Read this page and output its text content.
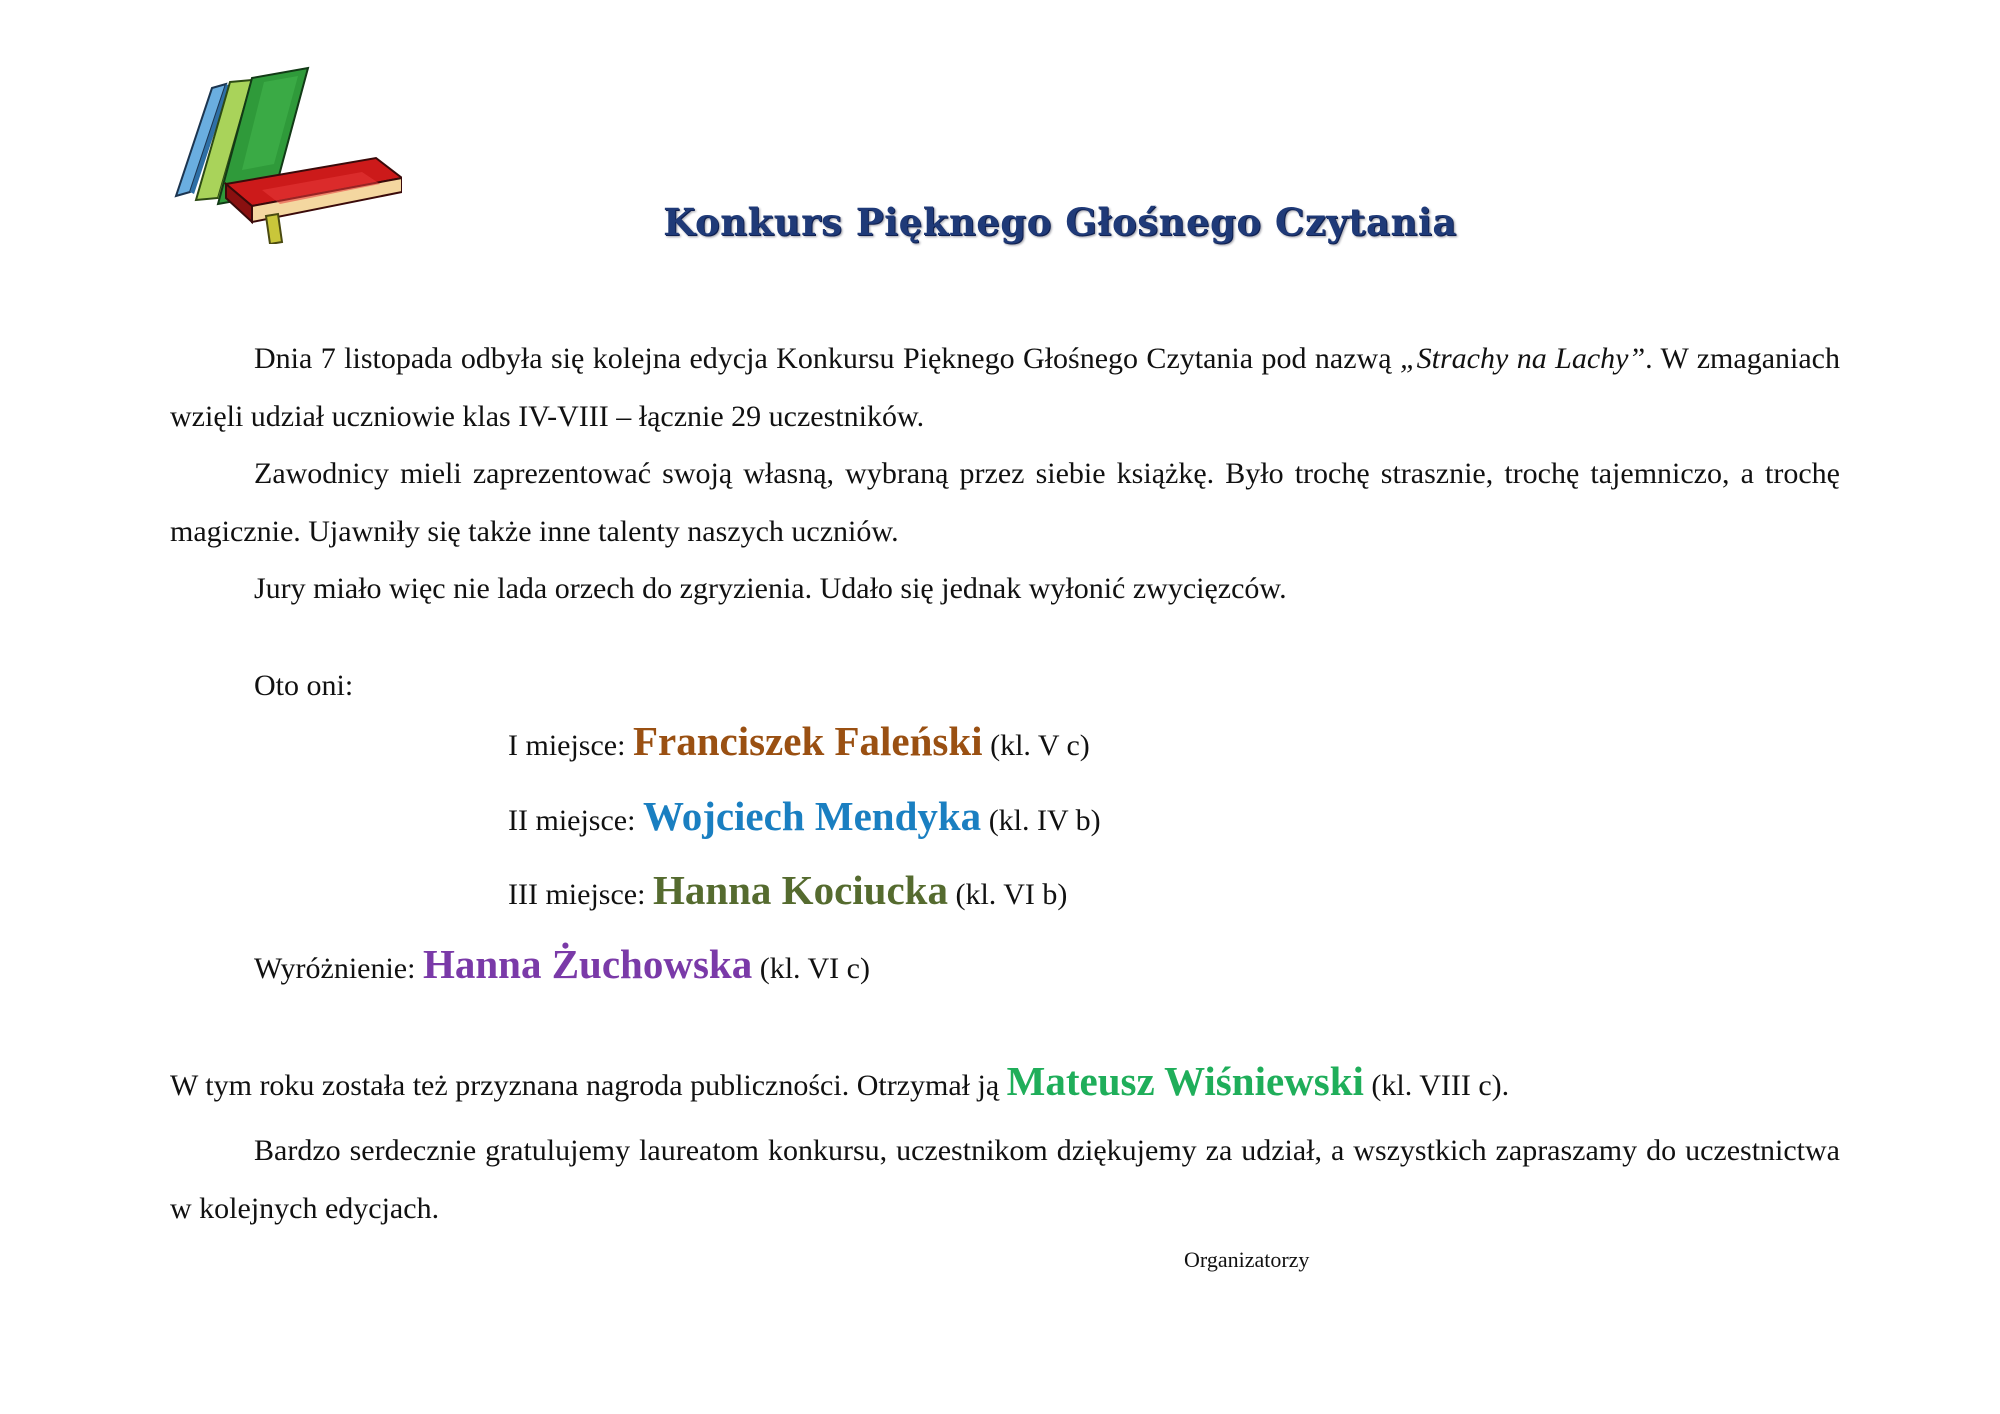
Konkurs Pięknego Głośnego Czytania
Dnia 7 listopada odbyła się kolejna edycja Konkursu Pięknego Głośnego Czytania pod nazwą „Strachy na Lachy”. W zmaganiach wzięli udział uczniowie klas IV-VIII – łącznie 29 uczestników.
Zawodnicy mieli zaprezentować swoją własną, wybraną przez siebie książkę. Było trochę strasznie, trochę tajemniczo, a trochę magicznie. Ujawniły się także inne talenty naszych uczniów.
Jury miało więc nie lada orzech do zgryzienia. Udało się jednak wyłonić zwycięzców.
Oto oni:
I miejsce: Franciszek Faleński (kl. V c)
II miejsce: Wojciech Mendyka (kl. IV b)
III miejsce: Hanna Kociucka (kl. VI b)
Wyróżnienie: Hanna Żuchowska (kl. VI c)
W tym roku została też przyznana nagroda publiczności. Otrzymał ją Mateusz Wiśniewski (kl. VIII c).
Bardzo serdecznie gratulujemy laureatom konkursu, uczestnikom dziękujemy za udział, a wszystkich zapraszamy do uczestnictwa w kolejnych edycjach.
Organizatorzy
